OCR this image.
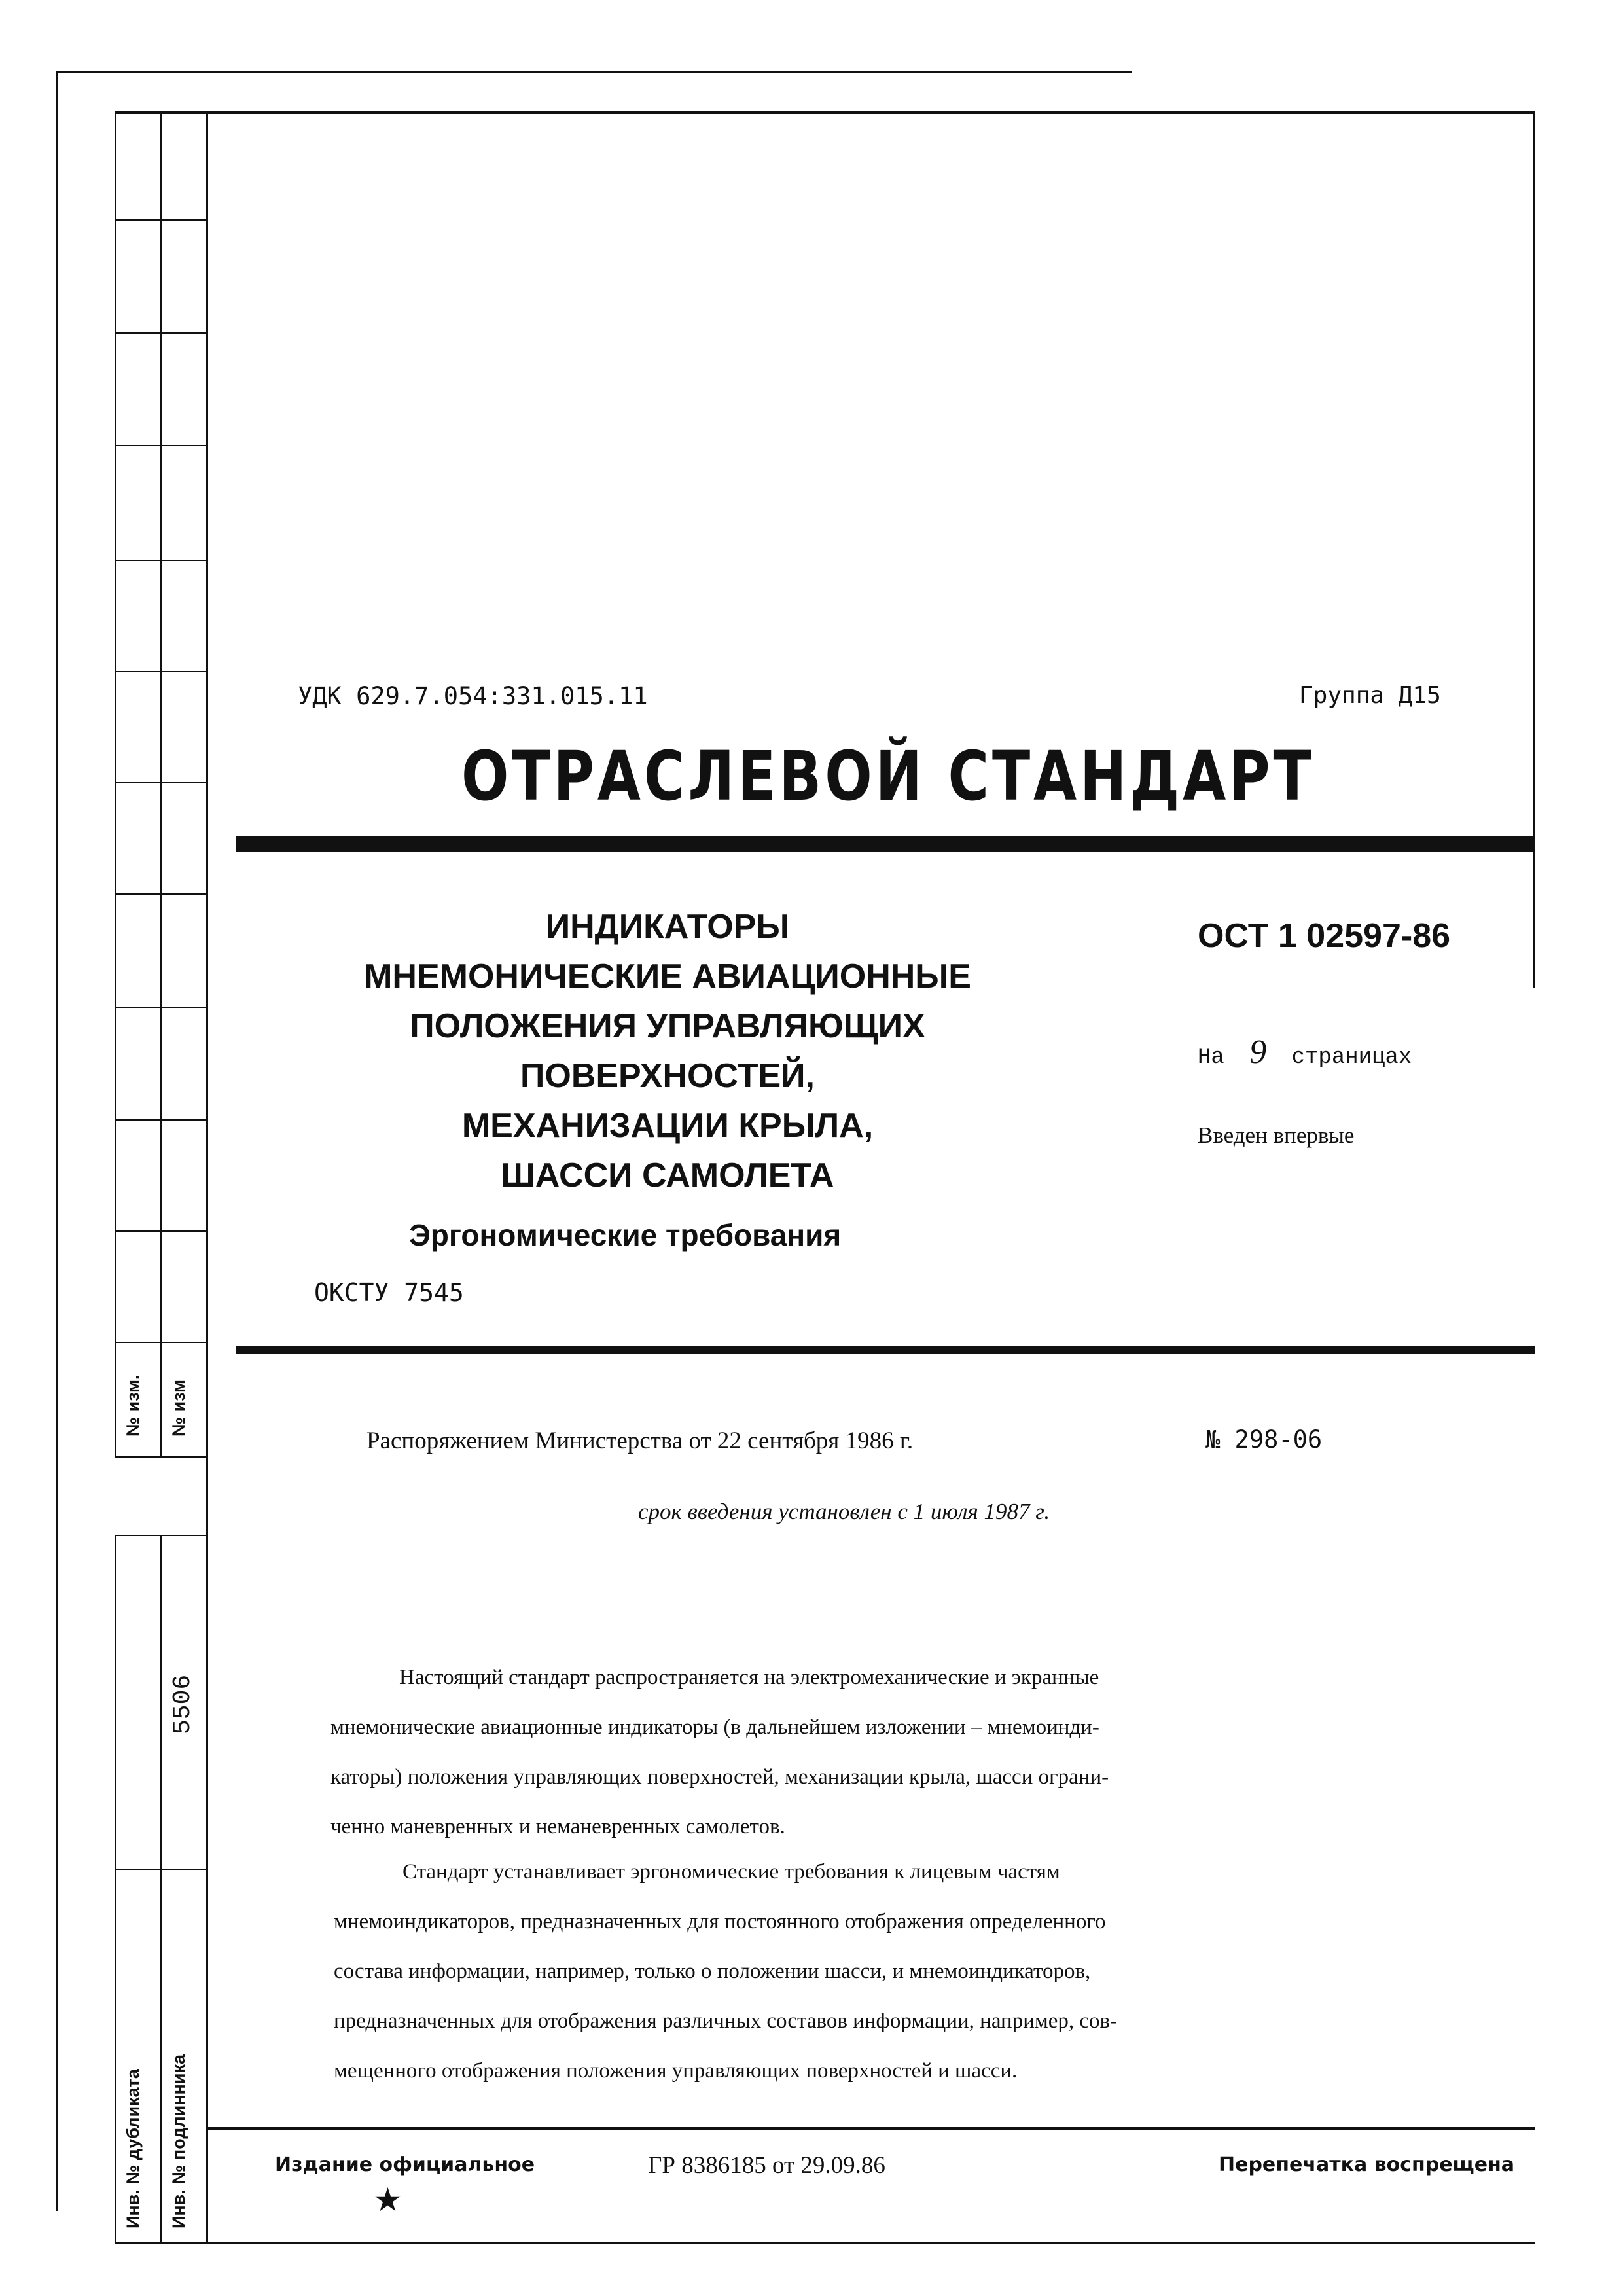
№ изм. № изм
5506
Инв. № дубликата Инв. № подлинника
УДК 629.7.054:331.015.11	Группа Д15
ОТРАСЛЕВОЙ СТАНДАРТ
ИНДИКАТОРЫ
МНЕМОНИЧЕСКИЕ АВИАЦИОННЫЕ
ПОЛОЖЕНИЯ УПРАВЛЯЮЩИХ
ПОВЕРХНОСТЕЙ,
МЕХАНИЗАЦИИ КРЫЛА,
ШАССИ САМОЛЕТА
Эргономические требования
ОКСТУ 7545
ОСТ 1 02597-86
На 9 страницах
Введен впервые
Распоряжением Министерства от 22 сентября 1986 г.	№ 298-06
срок введения установлен с 1 июля 1987 г.
Настоящий стандарт распространяется на электромеханические и экранные
мнемонические авиационные индикаторы (в дальнейшем изложении – мнемоинди-
каторы) положения управляющих поверхностей, механизации крыла, шасси ограни-
ченно маневренных и неманевренных самолетов.
Стандарт устанавливает эргономические требования к лицевым частям
мнемоиндикаторов, предназначенных для постоянного отображения определенного
состава информации, например, только о положении шасси, и мнемоиндикаторов,
предназначенных для отображения различных составов информации, например, сов-
мещенного отображения положения управляющих поверхностей и шасси.
Издание официальное	ГР 8386185 от 29.09.86	Перепечатка воспрещена
★
